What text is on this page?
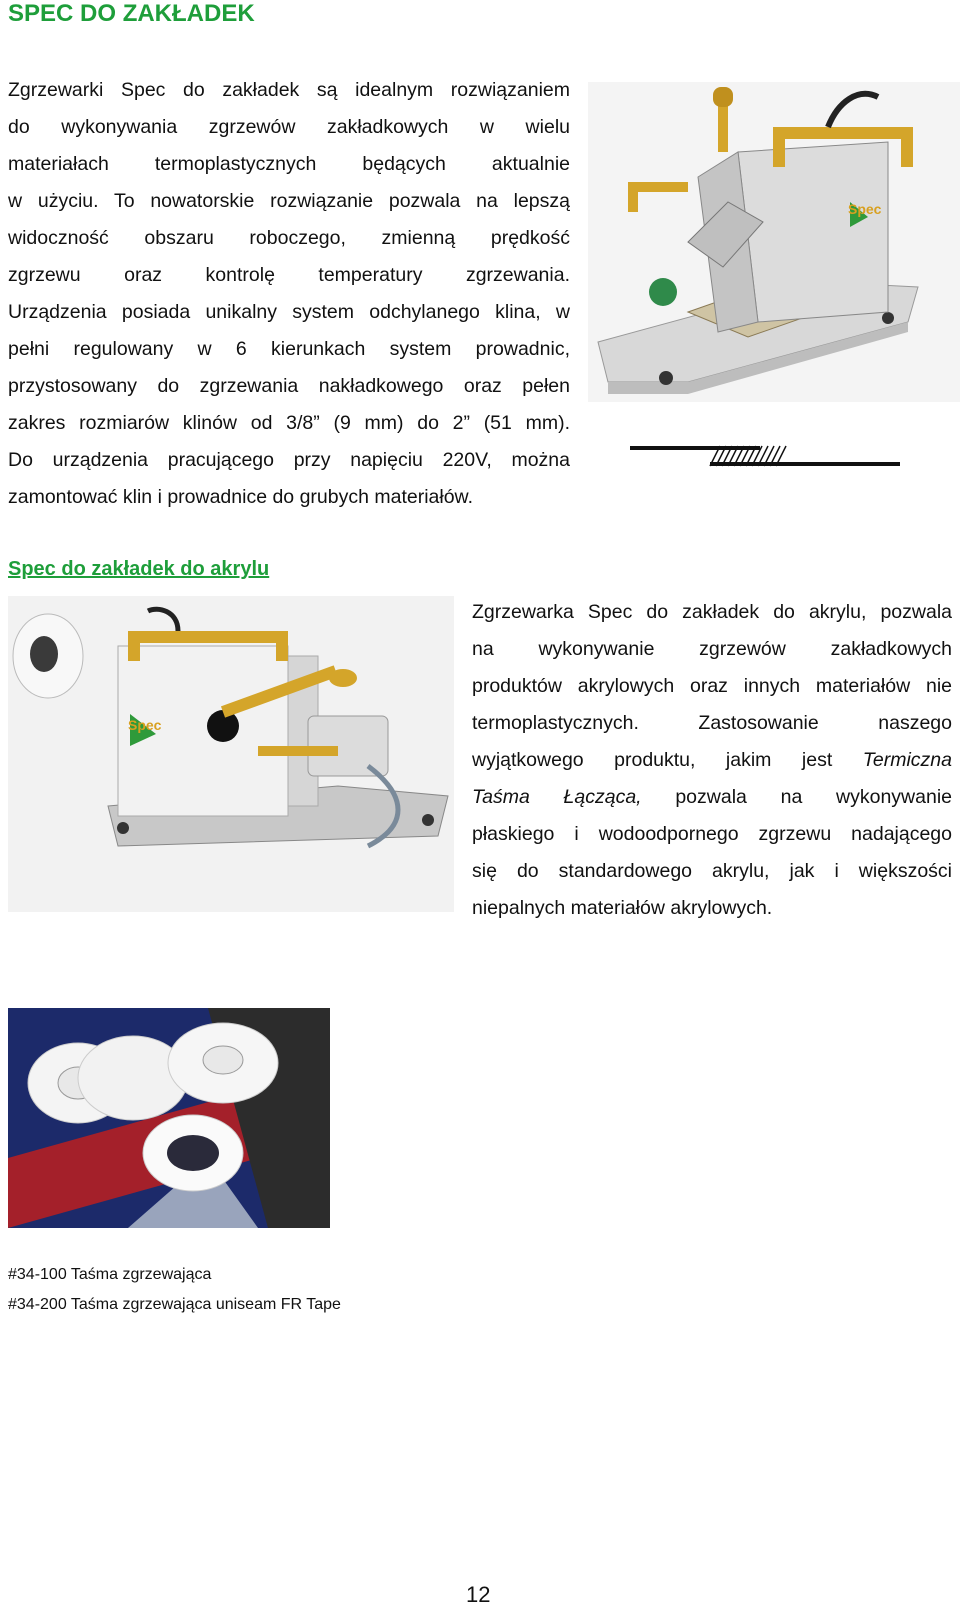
SPEC DO ZAKŁADEK

Zgrzewarki Spec do zakładek są idealnym rozwiązaniem
do wykonywania zgrzewów zakładkowych w wielu
materiałach termoplastycznych będących aktualnie
w użyciu. To nowatorskie rozwiązanie pozwala na lepszą
widoczność obszaru roboczego, zmienną prędkość
zgrzewu oraz kontrolę temperatury zgrzewania.
Urządzenia posiada unikalny system odchylanego klina, w
pełni regulowany w 6 kierunkach system prowadnic,
przystosowany do zgrzewania nakładkowego oraz pełen
zakres rozmiarów klinów od 3/8” (9 mm) do 2” (51 mm).
Do urządzenia pracującego przy napięciu 220V, można
zamontować klin i prowadnice do grubych materiałów.

Spec
Spec do zakładek do akrylu
Spec

Zgrzewarka Spec do zakładek do akrylu, pozwala
na wykonywanie zgrzewów zakładkowych
produktów akrylowych oraz innych materiałów nie
termoplastycznych. Zastosowanie naszego
wyjątkowego produktu, jakim jest Termiczna
Taśma Łącząca, pozwala na wykonywanie
płaskiego i wodoodpornego zgrzewu nadającego
się do standardowego akrylu, jak i większości
niepalnych materiałów akrylowych.

#34-100 Taśma zgrzewająca

#34-200 Taśma zgrzewająca uniseam FR Tape

12
